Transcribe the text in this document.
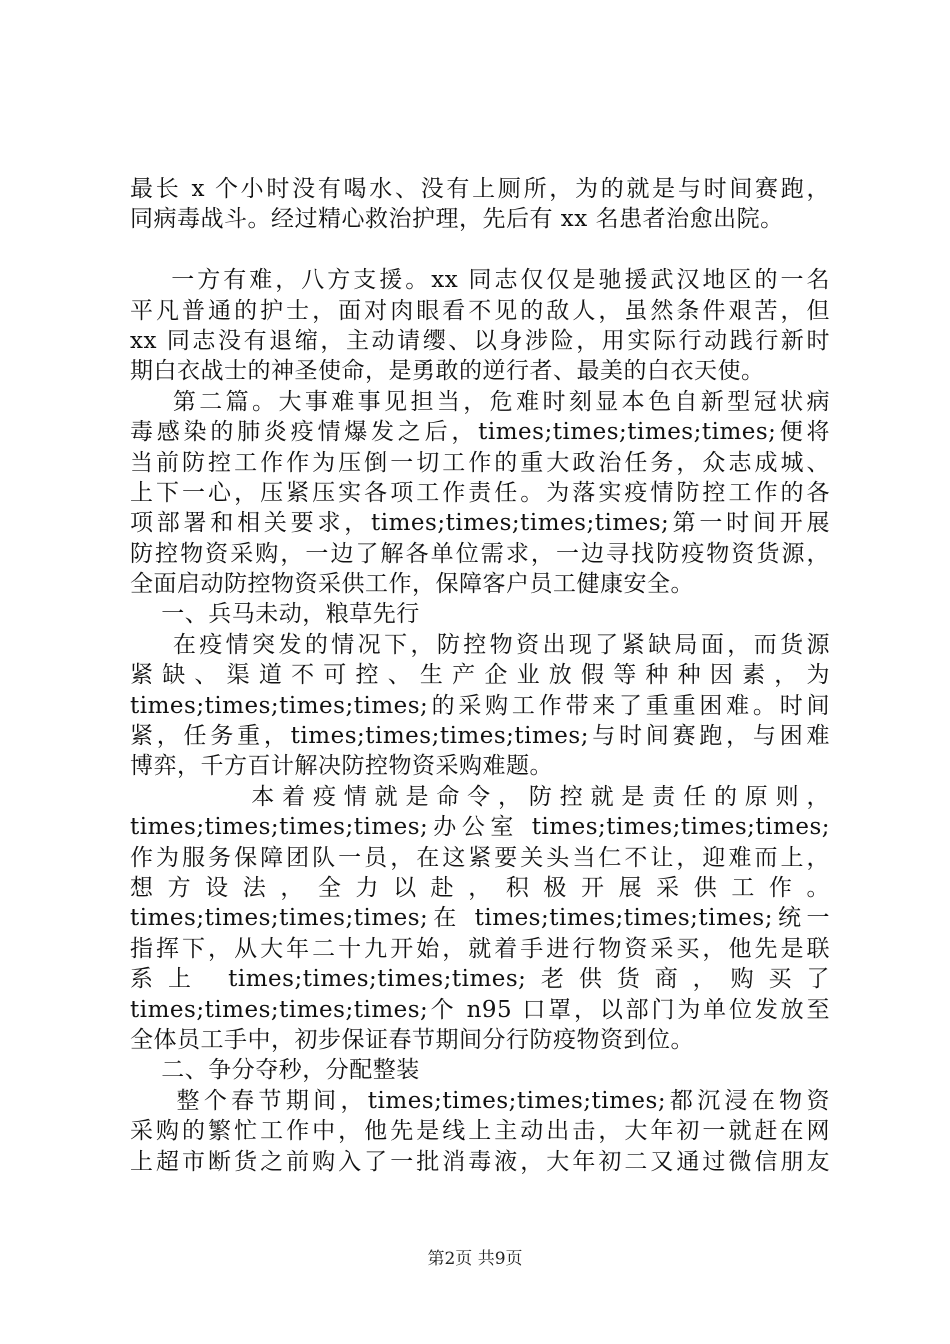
最长 x 个小时没有喝水、没有上厕所，为的就是与时间赛跑，
同病毒战斗。经过精心救治护理，先后有 xx 名患者治愈出院。
一方有难，八方支援。xx 同志仅仅是驰援武汉地区的一名
平凡普通的护士，面对肉眼看不见的敌人，虽然条件艰苦，但
xx 同志没有退缩，主动请缨、以身涉险，用实际行动践行新时
期白衣战士的神圣使命，是勇敢的逆行者、最美的白衣天使。
第二篇。大事难事见担当，危难时刻显本色自新型冠状病
毒感染的肺炎疫情爆发之后，times;times;times;times;便将
当前防控工作作为压倒一切工作的重大政治任务，众志成城、
上下一心，压紧压实各项工作责任。为落实疫情防控工作的各
项部署和相关要求，times;times;times;times;第一时间开展
防控物资采购，一边了解各单位需求，一边寻找防疫物资货源，
全面启动防控物资采供工作，保障客户员工健康安全。
一、兵马未动，粮草先行
在疫情突发的情况下，防控物资出现了紧缺局面，而货源
紧缺、渠道不可控、生产企业放假等种种因素，为
times;times;times;times;的采购工作带来了重重困难。时间
紧，任务重，times;times;times;times;与时间赛跑，与困难
博弈，千方百计解决防控物资采购难题。
本着疫情就是命令，防控就是责任的原则，
times;times;times;times;办公室 times;times;times;times;
作为服务保障团队一员，在这紧要关头当仁不让，迎难而上，
想方设法，全力以赴，积极开展采供工作。
times;times;times;times;在 times;times;times;times;统一
指挥下，从大年二十九开始，就着手进行物资采买，他先是联
系上 times;times;times;times;老供货商，购买了
times;times;times;times;个 n95 口罩，以部门为单位发放至
全体员工手中，初步保证春节期间分行防疫物资到位。
二、争分夺秒，分配整装
整个春节期间，times;times;times;times;都沉浸在物资
采购的繁忙工作中，他先是线上主动出击，大年初一就赶在网
上超市断货之前购入了一批消毒液，大年初二又通过微信朋友
第2页 共9页
